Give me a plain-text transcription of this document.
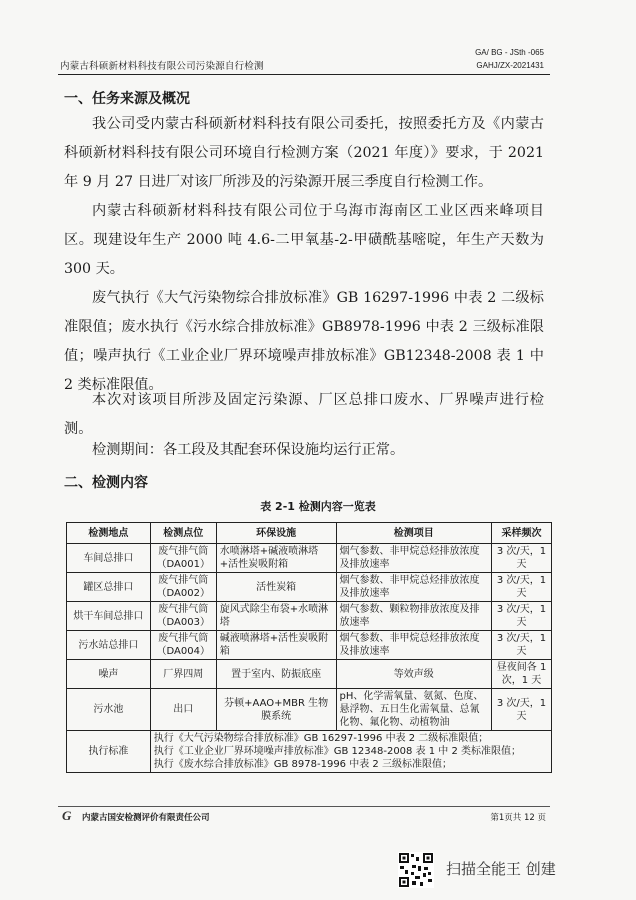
内蒙古科硕新材料科技有限公司污染源自行检测
GA/ BG - JSth -065
GAHJ/ZX-2021431
一、任务来源及概况
我公司受内蒙古科硕新材料科技有限公司委托，按照委托方及《内蒙古科硕新材料科技有限公司环境自行检测方案（2021 年度）》要求，于 2021 年 9 月 27 日进厂对该厂所涉及的污染源开展三季度自行检测工作。
内蒙古科硕新材料科技有限公司位于乌海市海南区工业区西来峰项目区。现建设年生产 2000 吨 4.6-二甲氧基-2-甲磺酰基嘧啶，年生产天数为 300 天。
废气执行《大气污染物综合排放标准》GB 16297-1996 中表 2 二级标准限值；废水执行《污水综合排放标准》GB8978-1996 中表 2 三级标准限值；噪声执行《工业企业厂界环境噪声排放标准》GB12348-2008 表 1 中 2 类标准限值。
本次对该项目所涉及固定污染源、厂区总排口废水、厂界噪声进行检测。
检测期间：各工段及其配套环保设施均运行正常。
二、检测内容
表 2-1 检测内容一览表
检测地点	检测点位	环保设施	检测项目	采样频次
车间总排口	废气排气筒（DA001）	水喷淋塔+碱液喷淋塔+活性炭吸附箱	烟气参数、非甲烷总烃排放浓度及排放速率	3 次/天，1 天
罐区总排口	废气排气筒（DA002）	活性炭箱	烟气参数、非甲烷总烃排放浓度及排放速率	3 次/天，1 天
烘干车间总排口	废气排气筒（DA003）	旋风式除尘布袋+水喷淋塔	烟气参数、颗粒物排放浓度及排放速率	3 次/天，1 天
污水站总排口	废气排气筒（DA004）	碱液喷淋塔+活性炭吸附箱	烟气参数、非甲烷总烃排放浓度及排放速率	3 次/天，1 天
噪声	厂界四周	置于室内、防振底座	等效声级	昼夜间各 1 次，1 天
污水池	出口	芬顿+AAO+MBR 生物膜系统	pH、化学需氧量、氨氮、色度、悬浮物、五日生化需氧量、总氰化物、氟化物、动植物油	3 次/天，1 天
执行标准	执行《大气污染物综合排放标准》GB 16297-1996 中表 2 二级标准限值；
执行《工业企业厂界环境噪声排放标准》GB 12348-2008 表 1 中 2 类标准限值；
执行《废水综合排放标准》GB 8978-1996 中表 2 三级标准限值；			
G	内蒙古国安检测评价有限责任公司	第1页共 12 页
扫描全能王 创建
